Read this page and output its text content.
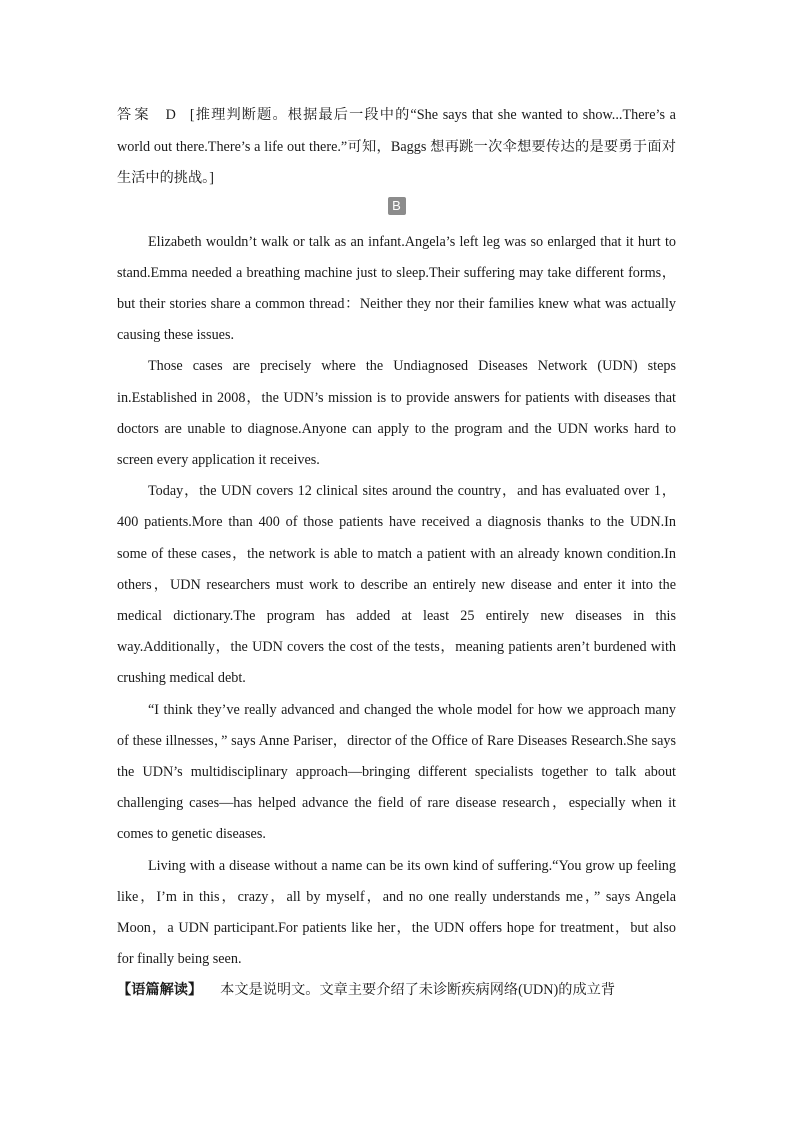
答案 D [推理判断题。根据最后一段中的“She says that she wanted to show...There’s a world out there.There’s a life out there.”可知，Baggs 想再跳一次伞想要传达的是要勇于面对生活中的挑战。]

B

Elizabeth wouldn’t walk or talk as an infant.Angela’s left leg was so enlarged that it hurt to stand.Emma needed a breathing machine just to sleep.Their suffering may take different forms，but their stories share a common thread：Neither they nor their families knew what was actually causing these issues.

Those cases are precisely where the Undiagnosed Diseases Network (UDN) steps in.Established in 2008，the UDN’s mission is to provide answers for patients with diseases that doctors are unable to diagnose.Anyone can apply to the program and the UDN works hard to screen every application it receives.

Today，the UDN covers 12 clinical sites around the country，and has evaluated over 1，400 patients.More than 400 of those patients have received a diagnosis thanks to the UDN.In some of these cases，the network is able to match a patient with an already known condition.In others，UDN researchers must work to describe an entirely new disease and enter it into the medical dictionary.The program has added at least 25 entirely new diseases in this way.Additionally，the UDN covers the cost of the tests，meaning patients aren’t burdened with crushing medical debt.

“I think they’ve really advanced and changed the whole model for how we approach many of these illnesses，” says Anne Pariser，director of the Office of Rare Diseases Research.She says the UDN’s multidisciplinary approach—bringing different specialists together to talk about challenging cases—has helped advance the field of rare disease research，especially when it comes to genetic diseases.

Living with a disease without a name can be its own kind of suffering.“You grow up feeling like，I’m in this，crazy，all by myself，and no one really understands me，” says Angela Moon，a UDN participant.For patients like her，the UDN offers hope for treatment，but also for finally being seen.

【语篇解读】 本文是说明文。文章主要介绍了未诊断疾病网络(UDN)的成立背
